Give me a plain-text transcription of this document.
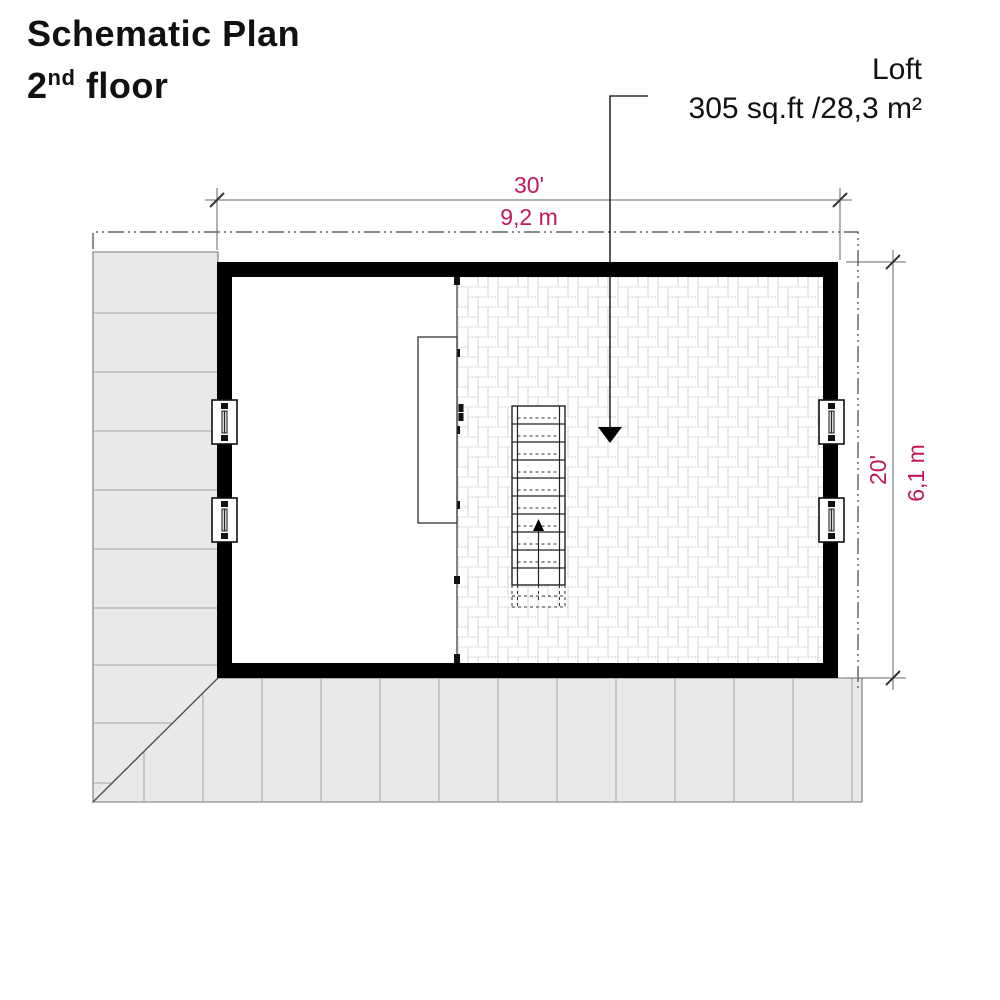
Schematic Plan
2nd floor	Loft
305 sq.ft /28,3 m²
30'
9,2 m
20' 6,1 m
